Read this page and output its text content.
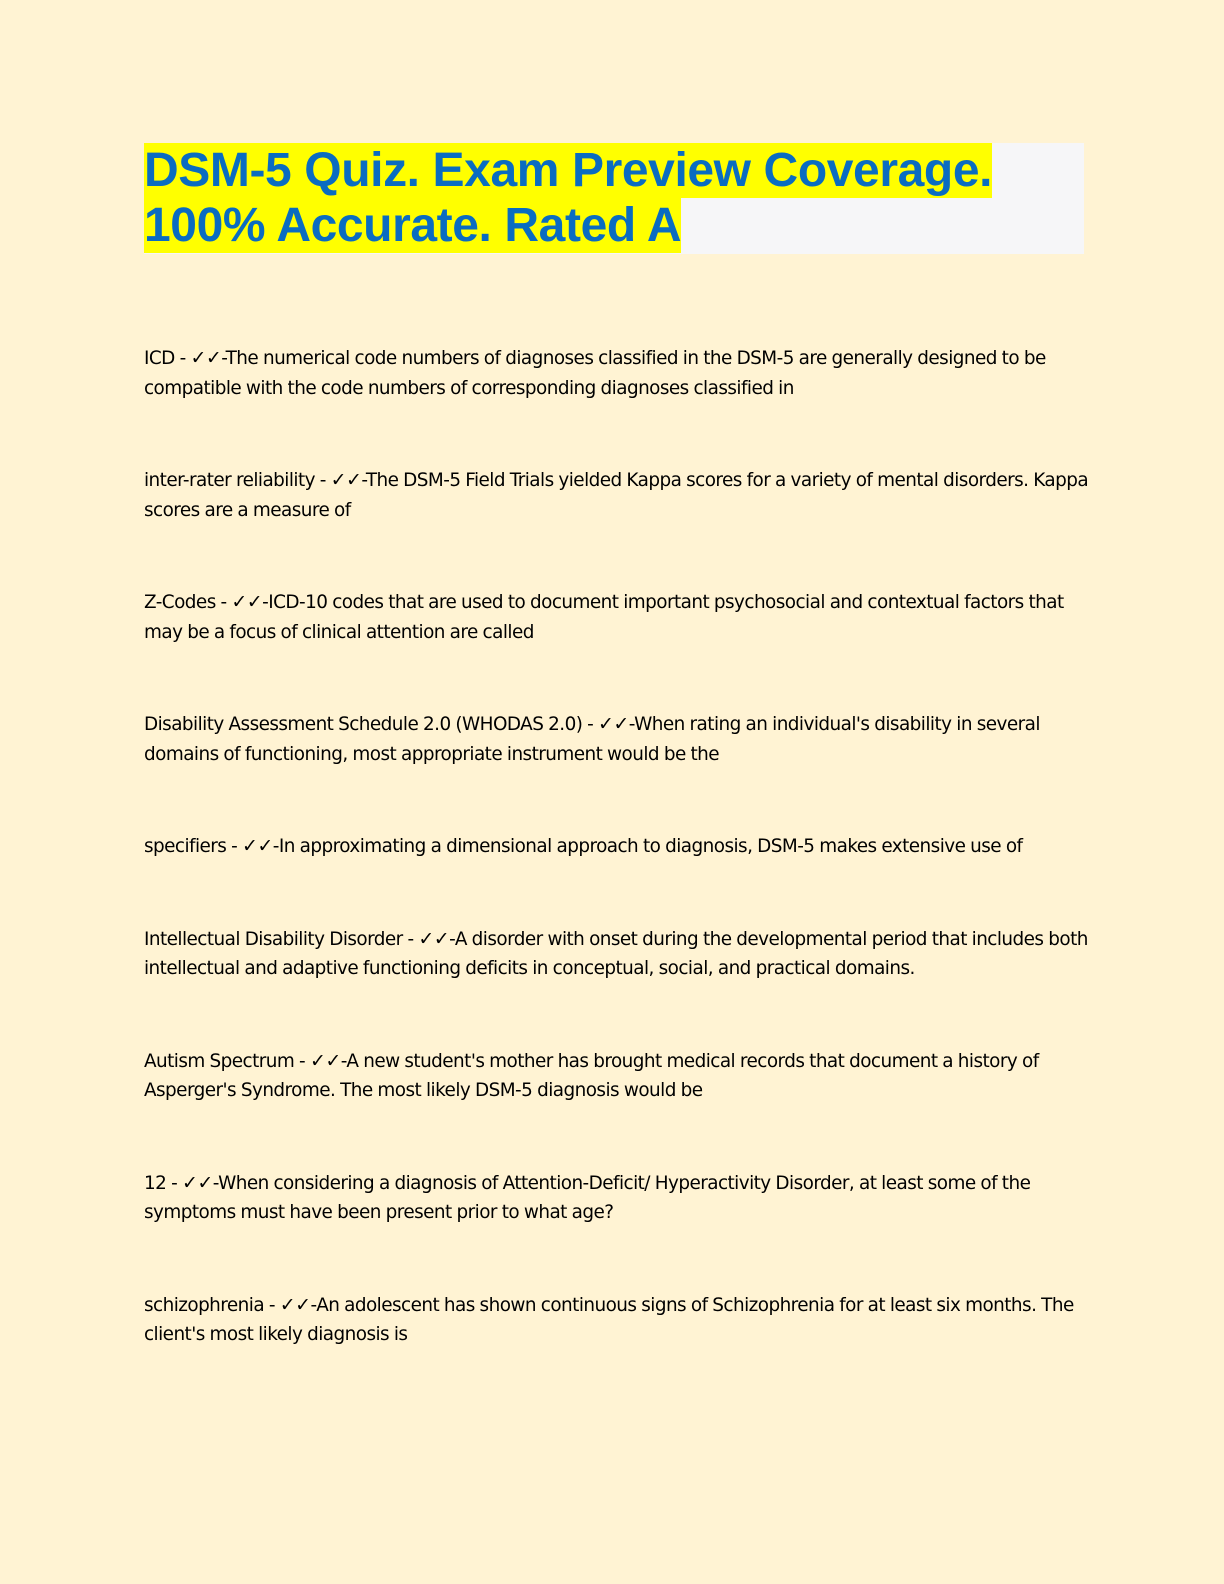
DSM-5 Quiz. Exam Preview Coverage.
100% Accurate. Rated A

ICD - ✓✓-The numerical code numbers of diagnoses classified in the DSM-5 are generally designed to be compatible with the code numbers of corresponding diagnoses classified in

inter-rater reliability - ✓✓-The DSM-5 Field Trials yielded Kappa scores for a variety of mental disorders. Kappa scores are a measure of

Z-Codes - ✓✓-ICD-10 codes that are used to document important psychosocial and contextual factors that may be a focus of clinical attention are called

Disability Assessment Schedule 2.0 (WHODAS 2.0) - ✓✓-When rating an individual's disability in several domains of functioning, most appropriate instrument would be the

specifiers - ✓✓-In approximating a dimensional approach to diagnosis, DSM-5 makes extensive use of

Intellectual Disability Disorder - ✓✓-A disorder with onset during the developmental period that includes both intellectual and adaptive functioning deficits in conceptual, social, and practical domains.

Autism Spectrum - ✓✓-A new student's mother has brought medical records that document a history of Asperger's Syndrome. The most likely DSM-5 diagnosis would be

12 - ✓✓-When considering a diagnosis of Attention-Deficit/ Hyperactivity Disorder, at least some of the symptoms must have been present prior to what age?

schizophrenia - ✓✓-An adolescent has shown continuous signs of Schizophrenia for at least six months. The client's most likely diagnosis is
